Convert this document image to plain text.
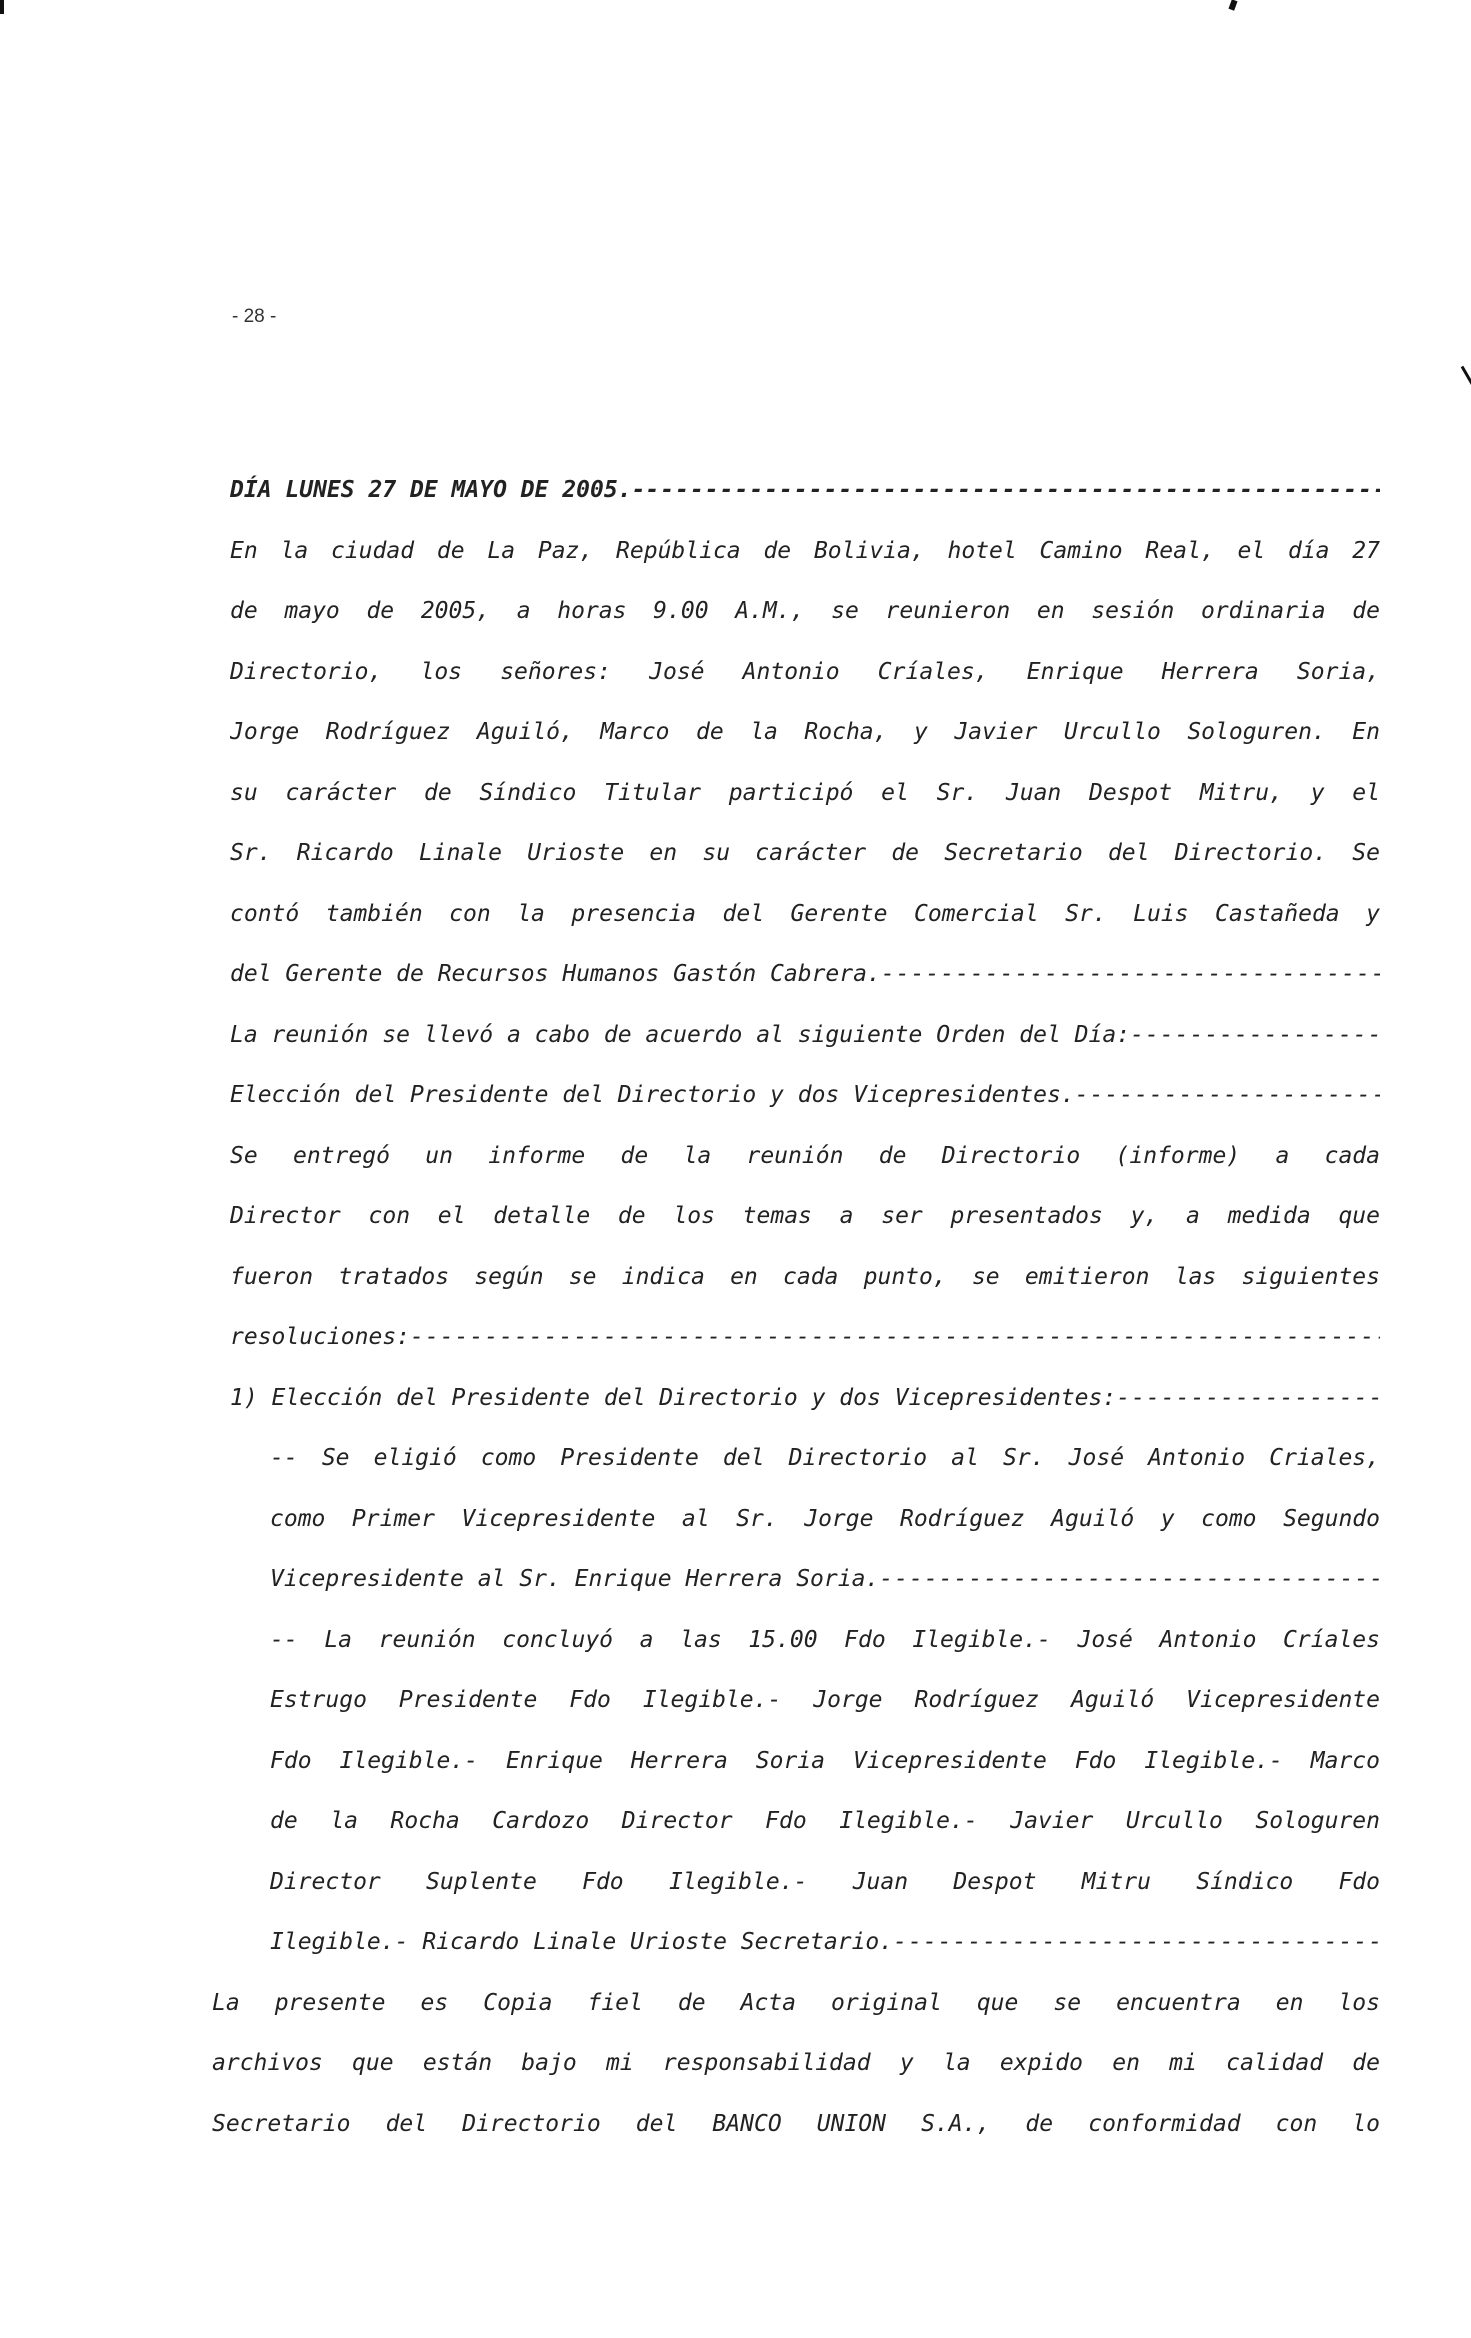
- 28 -
DÍA LUNES 27 DE MAYO DE 2005.-
-----
En la ciudad de La Paz, República de Bolivia, hotel Camino Real, el día 27
de mayo de 2005, a horas 9.00 A.M., se reunieron en sesión ordinaria de
Directorio, los señores: José Antonio Críales, Enrique Herrera Soria,
Jorge Rodríguez Aguiló, Marco de la Rocha, y Javier Urcullo Sologuren. En
su carácter de Síndico Titular participó el Sr. Juan Despot Mitru, y el
Sr. Ricardo Linale Urioste en su carácter de Secretario del Directorio. Se
contó también con la presencia del Gerente Comercial Sr. Luis Castañeda y
del Gerente de Recursos Humanos Gastón Cabrera.
-----
La reunión se llevó a cabo de acuerdo al siguiente Orden del Día:
-----
Elección del Presidente del Directorio y dos Vicepresidentes.
-----
Se entregó un informe de la reunión de Directorio (informe) a cada
Director con el detalle de los temas a ser presentados y, a medida que
fueron tratados según se indica en cada punto, se emitieron las siguientes
resoluciones:
-----
1) Elección del Presidente del Directorio y dos Vicepresidentes:
-----
-- Se eligió como Presidente del Directorio al Sr. José Antonio Criales,
como Primer Vicepresidente al Sr. Jorge Rodríguez Aguiló y como Segundo
Vicepresidente al Sr. Enrique Herrera Soria.
-----
-- La reunión concluyó a las 15.00 Fdo Ilegible.- José Antonio Críales
Estrugo Presidente Fdo Ilegible.- Jorge Rodríguez Aguiló Vicepresidente
Fdo Ilegible.- Enrique Herrera Soria Vicepresidente Fdo Ilegible.- Marco
de la Rocha Cardozo Director Fdo Ilegible.- Javier Urcullo Sologuren
Director Suplente Fdo Ilegible.- Juan Despot Mitru Síndico Fdo
Ilegible.- Ricardo Linale Urioste Secretario.
-----
La presente es Copia fiel de Acta original que se encuentra en los
archivos que están bajo mi responsabilidad y la expido en mi calidad de
Secretario del Directorio del BANCO UNION S.A., de conformidad con lo
